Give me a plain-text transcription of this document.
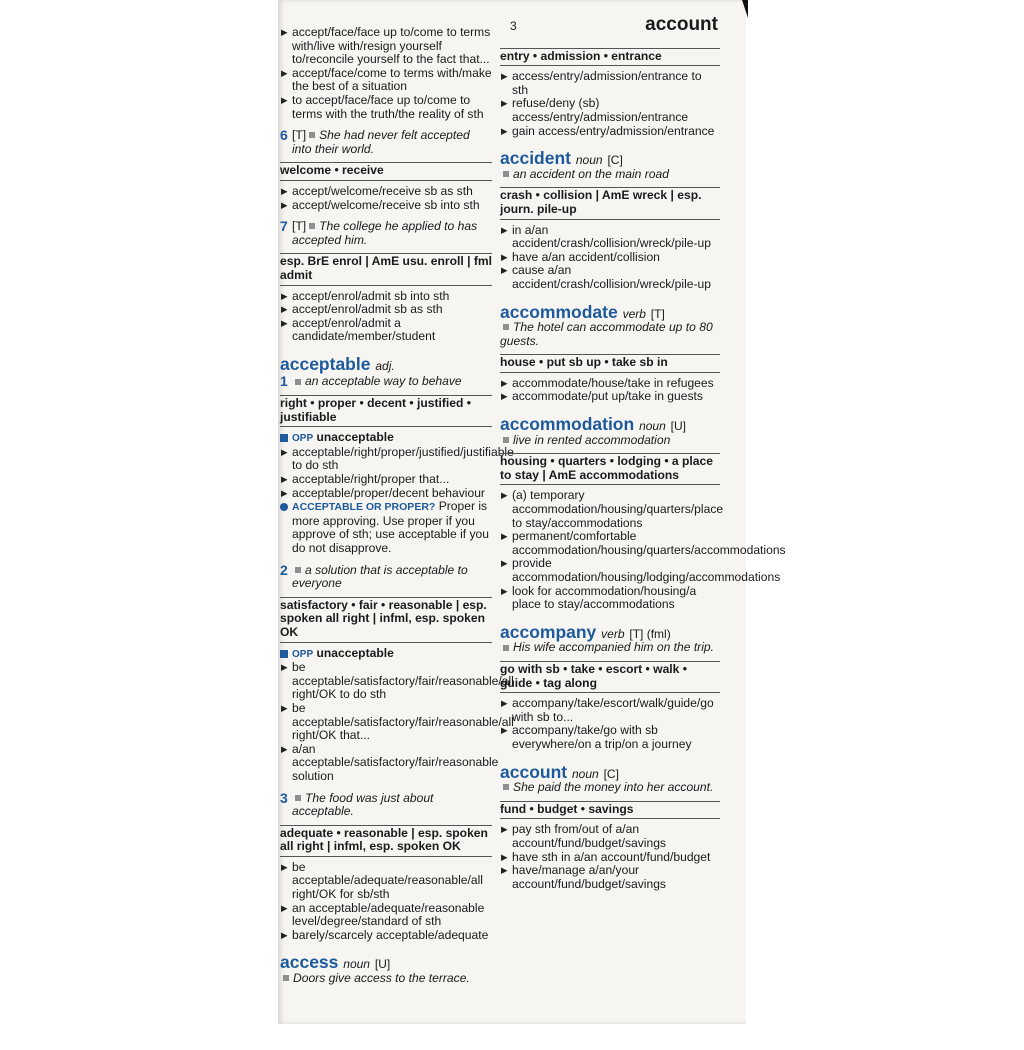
▶ accept/face/face up to/come to terms with/live with/resign yourself to/reconcile yourself to the fact that...
▶ accept/face/come to terms with/make the best of a situation
▶ to accept/face/face up to/come to terms with the truth/the reality of sth
6 [T] She had never felt accepted into their world.
welcome • receive
▶ accept/welcome/receive sb as sth
▶ accept/welcome/receive sb into sth
7 [T] The college he applied to has accepted him.
esp. BrE enrol | AmE usu. enroll | fml admit
▶ accept/enrol/admit sb into sth
▶ accept/enrol/admit sb as sth
▶ accept/enrol/admit a candidate/member/student
acceptable adj.
1	an acceptable way to behave
right • proper • decent • justified • justifiable
OPP unacceptable
▶ acceptable/right/proper/justified/justifiable to do sth
▶ acceptable/right/proper that...
▶ acceptable/proper/decent behaviour
ACCEPTABLE OR PROPER? Proper is more approving. Use proper if you approve of sth; use acceptable if you do not disapprove.
2	a solution that is acceptable to everyone
satisfactory • fair • reasonable | esp. spoken all right | infml, esp. spoken OK
OPP unacceptable
▶ be acceptable/satisfactory/fair/reasonable/all right/OK to do sth
▶ be acceptable/satisfactory/fair/reasonable/all right/OK that...
▶ a/an acceptable/satisfactory/fair/reasonable solution
3	The food was just about acceptable.
adequate • reasonable | esp. spoken all right | infml, esp. spoken OK
▶ be acceptable/adequate/reasonable/all right/OK for sb/sth
▶ an acceptable/adequate/reasonable level/degree/standard of sth
▶ barely/scarcely acceptable/adequate
access noun [U]
Doors give access to the terrace.
3	account
entry • admission • entrance
▶ access/entry/admission/entrance to sth
▶ refuse/deny (sb) access/entry/admission/entrance
▶ gain access/entry/admission/entrance
accident noun [C]
an accident on the main road
crash • collision | AmE wreck | esp. journ. pile-up
▶ in a/an accident/crash/collision/wreck/pile-up
▶ have a/an accident/collision
▶ cause a/an accident/crash/collision/wreck/pile-up
accommodate verb [T]
The hotel can accommodate up to 80 guests.
house • put sb up • take sb in
▶ accommodate/house/take in refugees
▶ accommodate/put up/take in guests
accommodation noun [U]
live in rented accommodation
housing • quarters • lodging • a place to stay | AmE accommodations
▶ (a) temporary accommodation/housing/quarters/place to stay/accommodations
▶ permanent/comfortable accommodation/housing/quarters/accommodations
▶ provide accommodation/housing/lodging/accommodations
▶ look for accommodation/housing/a place to stay/accommodations
accompany verb [T] (fml)
His wife accompanied him on the trip.
go with sb • take • escort • walk • guide • tag along
▶ accompany/take/escort/walk/guide/go with sb to...
▶ accompany/take/go with sb everywhere/on a trip/on a journey
account noun [C]
She paid the money into her account.
fund • budget • savings
▶ pay sth from/out of a/an account/fund/budget/savings
▶ have sth in a/an account/fund/budget
▶ have/manage a/an/your account/fund/budget/savings
